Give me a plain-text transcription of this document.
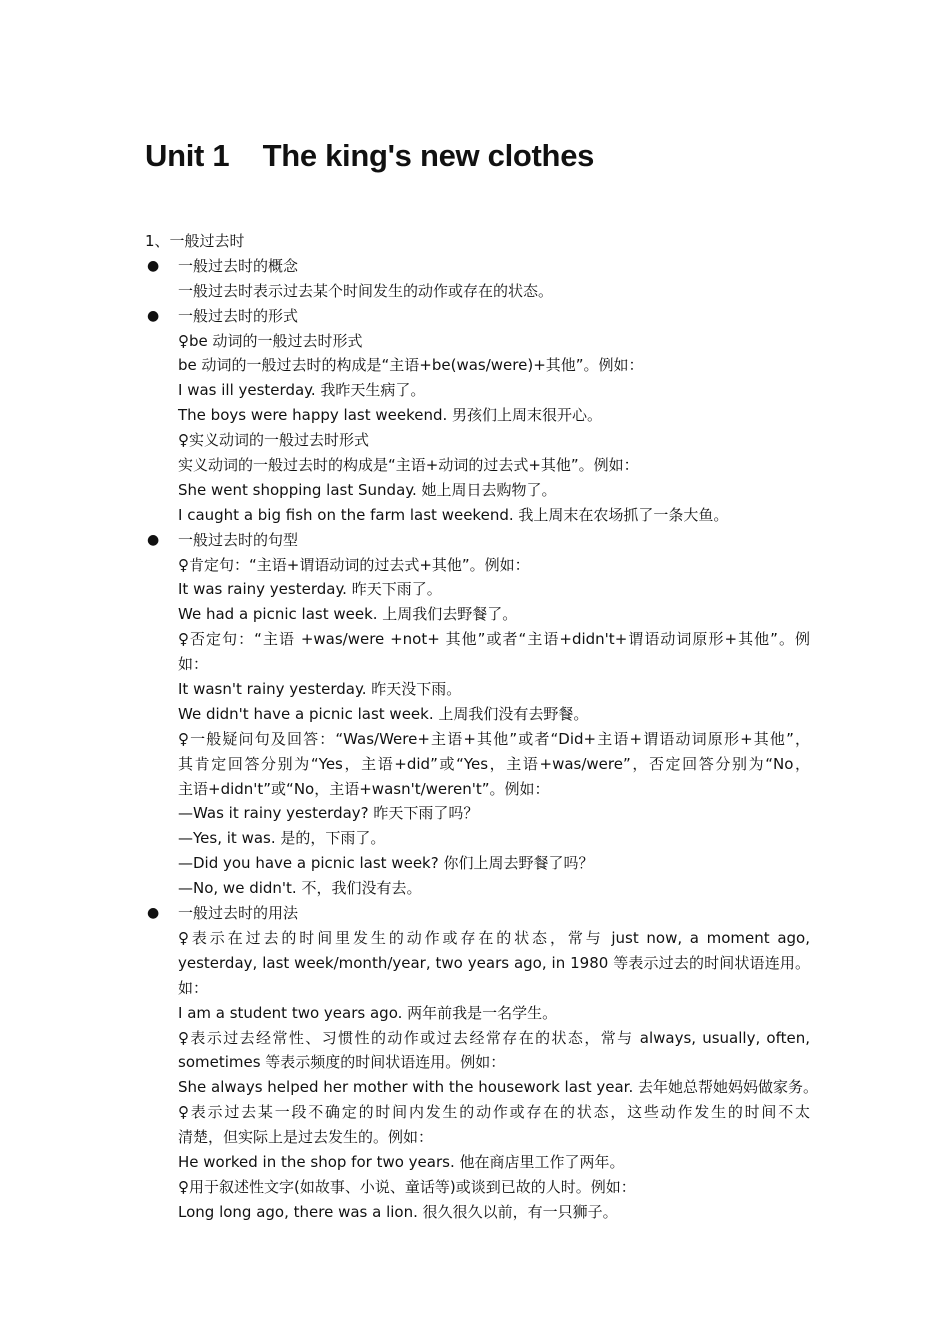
Unit 1    The king's new clothes
1、一般过去时
● 一般过去时的概念
一般过去时表示过去某个时间发生的动作或存在的状态。
● 一般过去时的形式
♀be 动词的一般过去时形式
be 动词的一般过去时的构成是“主语+be(was/were)+其他”。例如：
I was ill yesterday. 我昨天生病了。
The boys were happy last weekend. 男孩们上周末很开心。
♀实义动词的一般过去时形式
实义动词的一般过去时的构成是“主语+动词的过去式+其他”。例如：
She went shopping last Sunday. 她上周日去购物了。
I caught a big fish on the farm last weekend. 我上周末在农场抓了一条大鱼。
● 一般过去时的句型
♀肯定句：“主语+谓语动词的过去式+其他”。例如：
It was rainy yesterday. 昨天下雨了。
We had a picnic last week. 上周我们去野餐了。
♀否定句：“主语 +was/were +not+ 其他”或者“主语+didn't+谓语动词原形+其他”。例
如：
It wasn't rainy yesterday. 昨天没下雨。
We didn't have a picnic last week. 上周我们没有去野餐。
♀一般疑问句及回答：“Was/Were+主语+其他”或者“Did+主语+谓语动词原形+其他”，
其肯定回答分别为“Yes，主语+did”或“Yes，主语+was/were”，否定回答分别为“No，
主语+didn't”或“No，主语+wasn't/weren't”。例如：
—Was it rainy yesterday? 昨天下雨了吗？
—Yes, it was. 是的，下雨了。
—Did you have a picnic last week? 你们上周去野餐了吗？
—No, we didn't. 不，我们没有去。
● 一般过去时的用法
♀表示在过去的时间里发生的动作或存在的状态，常与 just now, a moment ago,
yesterday, last week/month/year, two years ago, in 1980 等表示过去的时间状语连用。
如：
I am a student two years ago. 两年前我是一名学生。
♀表示过去经常性、习惯性的动作或过去经常存在的状态，常与 always, usually, often,
sometimes 等表示频度的时间状语连用。例如：
She always helped her mother with the housework last year. 去年她总帮她妈妈做家务。
♀表示过去某一段不确定的时间内发生的动作或存在的状态，这些动作发生的时间不太
清楚，但实际上是过去发生的。例如：
He worked in the shop for two years. 他在商店里工作了两年。
♀用于叙述性文字(如故事、小说、童话等)或谈到已故的人时。例如：
Long long ago, there was a lion. 很久很久以前，有一只狮子。
